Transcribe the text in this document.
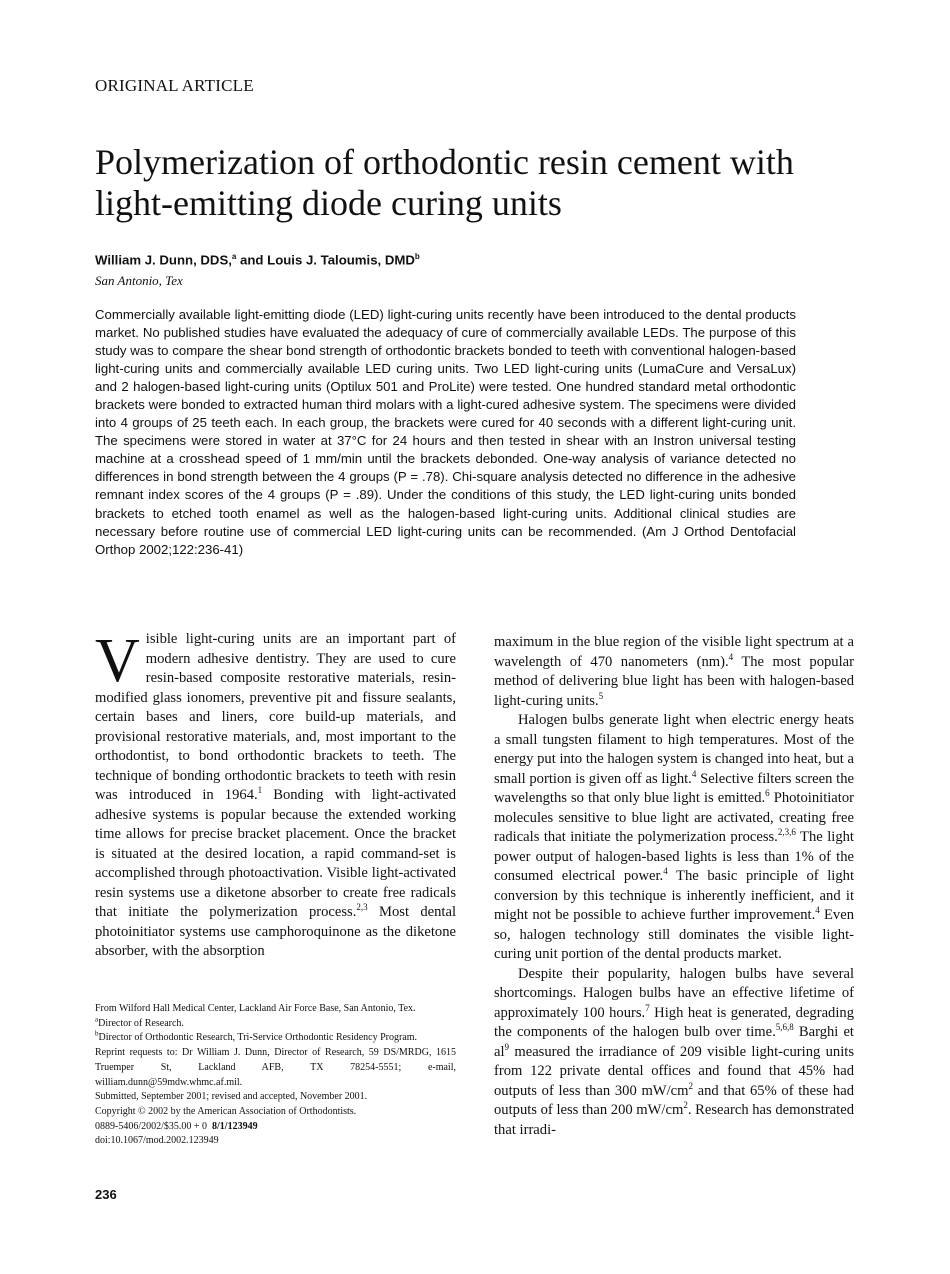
ORIGINAL ARTICLE
Polymerization of orthodontic resin cement with light-emitting diode curing units
William J. Dunn, DDS,$^a$ and Louis J. Taloumis, DMD$^b$
San Antonio, Tex

Commercially available light-emitting diode (LED) light-curing units recently have been introduced to the dental products market. No published studies have evaluated the adequacy of cure of commercially available LEDs. The purpose of this study was to compare the shear bond strength of orthodontic brackets bonded to teeth with conventional halogen-based light-curing units and commercially available LED curing units. Two LED light-curing units (LumaCure and VersaLux) and 2 halogen-based light-curing units (Optilux 501 and ProLite) were tested. One hundred standard metal orthodontic brackets were bonded to extracted human third molars with a light-cured adhesive system. The specimens were divided into 4 groups of 25 teeth each. In each group, the brackets were cured for 40 seconds with a different light-curing unit. The specimens were stored in water at 37°C for 24 hours and then tested in shear with an Instron universal testing machine at a crosshead speed of 1 mm/min until the brackets debonded. One-way analysis of variance detected no differences in bond strength between the 4 groups (P = .78). Chi-square analysis detected no difference in the adhesive remnant index scores of the 4 groups (P = .89). Under the conditions of this study, the LED light-curing units bonded brackets to etched tooth enamel as well as the halogen-based light-curing units. Additional clinical studies are necessary before routine use of commercial LED light-curing units can be recommended. (Am J Orthod Dentofacial Orthop 2002;122:236-41)

Visible light-curing units are an important part of modern adhesive dentistry. They are used to cure resin-based composite restorative materials, resin-modified glass ionomers, preventive pit and fissure sealants, certain bases and liners, core build-up materials, and provisional restorative materials, and, most important to the orthodontist, to bond orthodontic brackets to teeth. The technique of bonding orthodontic brackets to teeth with resin was introduced in 1964.$^1$ Bonding with light-activated adhesive systems is popular because the extended working time allows for precise bracket placement. Once the bracket is situated at the desired location, a rapid command-set is accomplished through photoactivation. Visible light-activated resin systems use a diketone absorber to create free radicals that initiate the polymerization process.$^{2,3}$ Most dental photoinitiator systems use camphoroquinone as the diketone absorber, with the absorption

From Wilford Hall Medical Center, Lackland Air Force Base, San Antonio, Tex.
$^a$Director of Research.
$^b$Director of Orthodontic Research, Tri-Service Orthodontic Residency Program.
Reprint requests to: Dr William J. Dunn, Director of Research, 59 DS/MRDG, 1615 Truemper St, Lackland AFB, TX 78254-5551; e-mail, william.dunn@59mdw.whmc.af.mil.
Submitted, September 2001; revised and accepted, November 2001.
Copyright © 2002 by the American Association of Orthodontists.
0889-5406/2002/$35.00 + 0  8/1/123949
doi:10.1067/mod.2002.123949

maximum in the blue region of the visible light spectrum at a wavelength of 470 nanometers (nm).$^4$ The most popular method of delivering blue light has been with halogen-based light-curing units.$^5$

Halogen bulbs generate light when electric energy heats a small tungsten filament to high temperatures. Most of the energy put into the halogen system is changed into heat, but a small portion is given off as light.$^4$ Selective filters screen the wavelengths so that only blue light is emitted.$^6$ Photoinitiator molecules sensitive to blue light are activated, creating free radicals that initiate the polymerization process.$^{2,3,6}$ The light power output of halogen-based lights is less than 1% of the consumed electrical power.$^4$ The basic principle of light conversion by this technique is inherently inefficient, and it might not be possible to achieve further improvement.$^4$ Even so, halogen technology still dominates the visible light-curing unit portion of the dental products market.

Despite their popularity, halogen bulbs have several shortcomings. Halogen bulbs have an effective lifetime of approximately 100 hours.$^7$ High heat is generated, degrading the components of the halogen bulb over time.$^{5,6,8}$ Barghi et $al^9$ measured the irradiance of 209 visible light-curing units from 122 private dental offices and found that 45% had outputs of less than 300 $mW/cm^2$ and that 65% of these had outputs of less than 200 $mW/cm^2$. Research has demonstrated that irradi-

236
